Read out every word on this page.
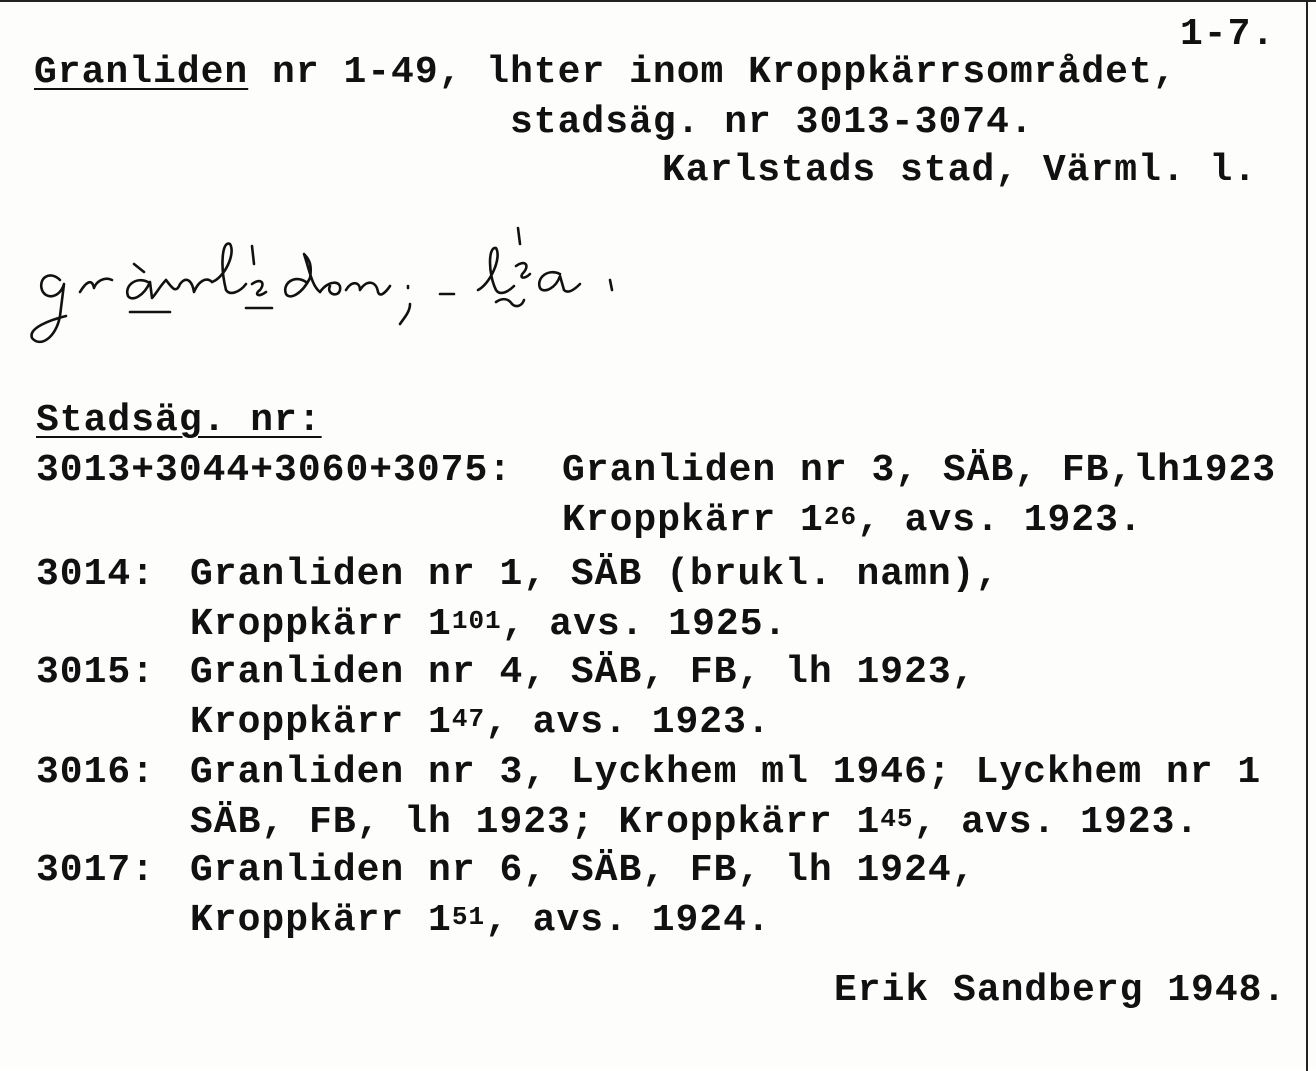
1-7.
Granliden nr 1-49, lhter inom Kroppkärrsområdet,
stadsäg. nr 3013-3074.
Karlstads stad, Värml. l.
Stadsäg. nr:
3013+3044+3060+3075: Granliden nr 3, SÄB, FB,lh1923
Kroppkärr $1^{26}$, avs. 1923.
3014: Granliden nr 1, SÄB (brukl. namn),
Kroppkärr $1^{101}$, avs. 1925.
3015: Granliden nr 4, SÄB, FB, lh 1923,
Kroppkärr $1^{47}$, avs. 1923.
3016: Granliden nr 3, Lyckhem ml 1946; Lyckhem nr 1
SÄB, FB, lh 1923; Kroppkärr $1^{45}$, avs. 1923.
3017: Granliden nr 6, SÄB, FB, lh 1924,
Kroppkärr $1^{51}$, avs. 1924.
Erik Sandberg 1948.
